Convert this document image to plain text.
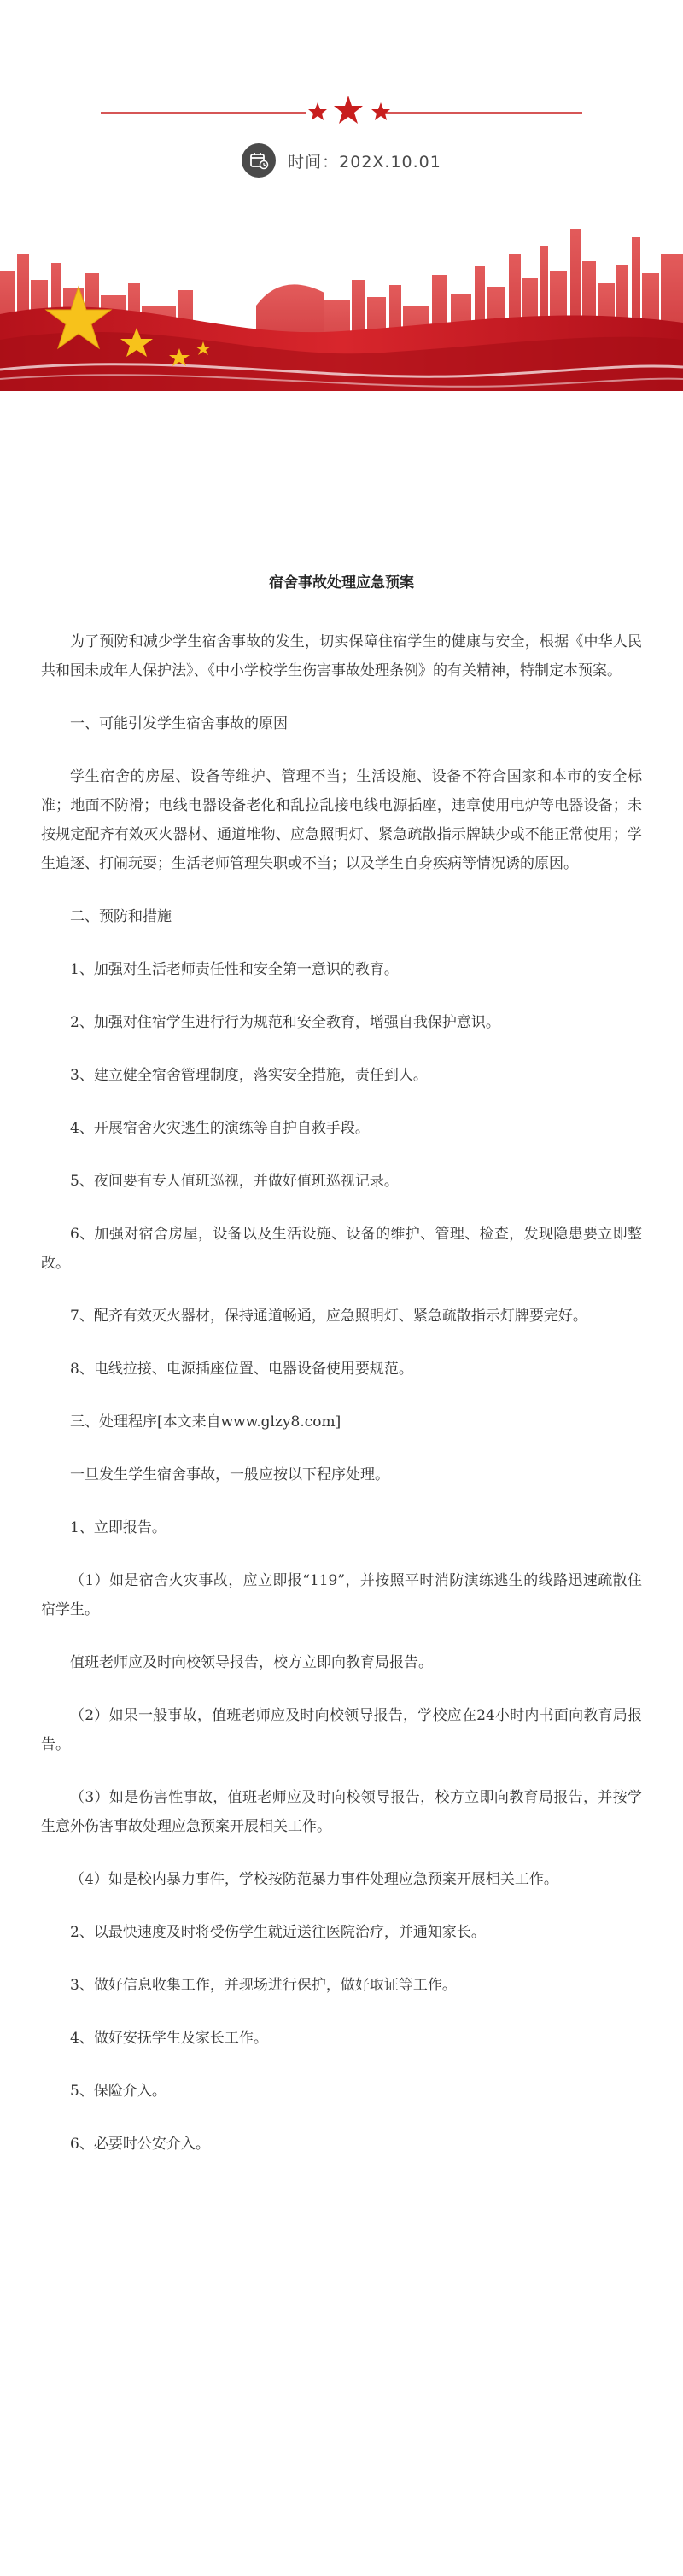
时间：202X.10.01
宿舍事故处理应急预案

为了预防和减少学生宿舍事故的发生，切实保障住宿学生的健康与安全，根据《中华人民共和国未成年人保护法》、《中小学校学生伤害事故处理条例》的有关精神，特制定本预案。

一、可能引发学生宿舍事故的原因

学生宿舍的房屋、设备等维护、管理不当；生活设施、设备不符合国家和本市的安全标准；地面不防滑；电线电器设备老化和乱拉乱接电线电源插座，违章使用电炉等电器设备；未按规定配齐有效灭火器材、通道堆物、应急照明灯、紧急疏散指示牌缺少或不能正常使用；学生追逐、打闹玩耍；生活老师管理失职或不当；以及学生自身疾病等情况诱的原因。

二、预防和措施

1、加强对生活老师责任性和安全第一意识的教育。

2、加强对住宿学生进行行为规范和安全教育，增强自我保护意识。

3、建立健全宿舍管理制度，落实安全措施，责任到人。

4、开展宿舍火灾逃生的演练等自护自救手段。

5、夜间要有专人值班巡视，并做好值班巡视记录。

6、加强对宿舍房屋，设备以及生活设施、设备的维护、管理、检查，发现隐患要立即整改。

7、配齐有效灭火器材，保持通道畅通，应急照明灯、紧急疏散指示灯牌要完好。

8、电线拉接、电源插座位置、电器设备使用要规范。

三、处理程序[本文来自www.glzy8.com]

一旦发生学生宿舍事故，一般应按以下程序处理。

1、立即报告。

（1）如是宿舍火灾事故，应立即报“119”，并按照平时消防演练逃生的线路迅速疏散住宿学生。

值班老师应及时向校领导报告，校方立即向教育局报告。

（2）如果一般事故，值班老师应及时向校领导报告，学校应在24小时内书面向教育局报告。

（3）如是伤害性事故，值班老师应及时向校领导报告，校方立即向教育局报告，并按学生意外伤害事故处理应急预案开展相关工作。

（4）如是校内暴力事件，学校按防范暴力事件处理应急预案开展相关工作。

2、以最快速度及时将受伤学生就近送往医院治疗，并通知家长。

3、做好信息收集工作，并现场进行保护，做好取证等工作。

4、做好安抚学生及家长工作。

5、保险介入。

6、必要时公安介入。
